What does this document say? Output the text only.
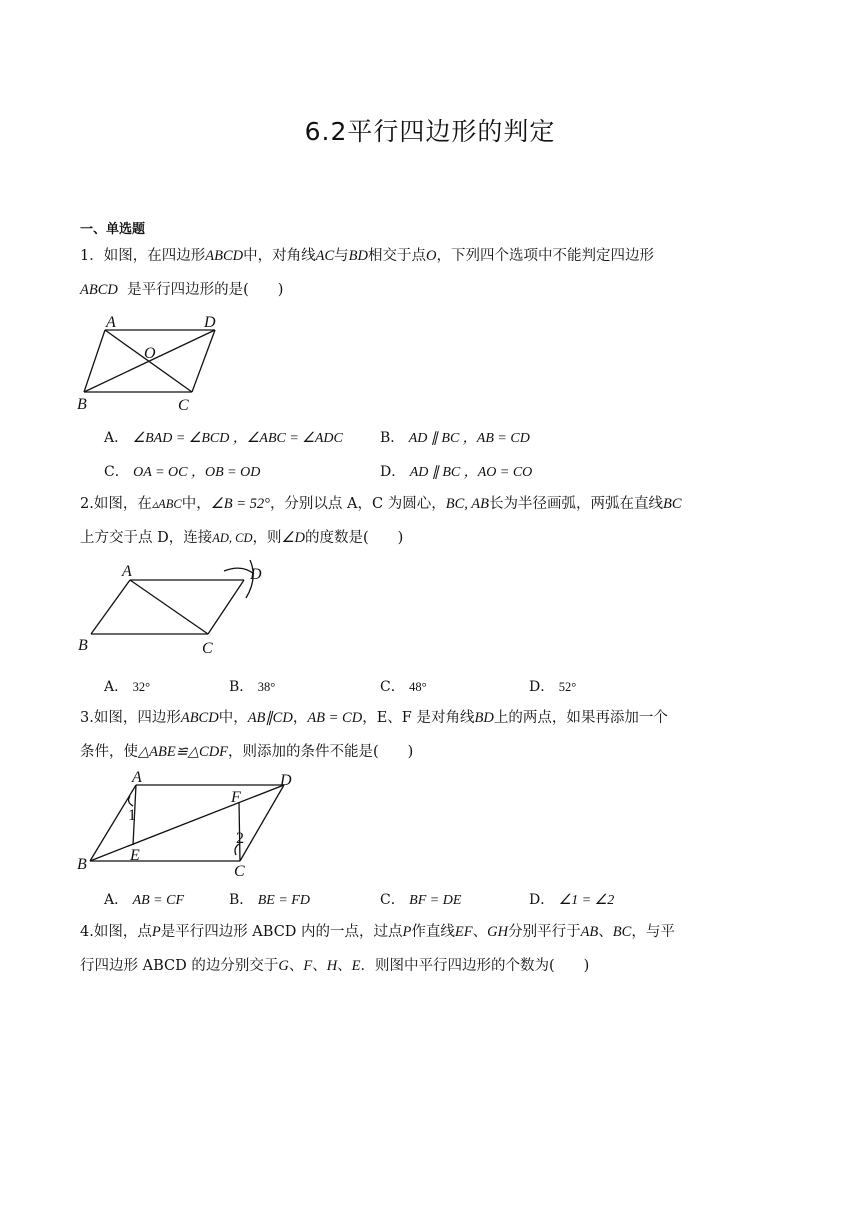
6.2平行四边形的判定
一、单选题
1．如图，在四边形ABCD中，对角线AC与BD相交于点O，下列四个选项中不能判定四边形
ABCD 是平行四边形的是(　　)
A	D
O
B	C
A． ∠BAD = ∠BCD ，∠ABC = ∠ADC	B． AD ∥ BC ，AB = CD
C． OA = OC ，OB = OD	D． AD ∥ BC ，AO = CO
2.如图，在▵ABC中，∠B = 52°，分别以点 A，C 为圆心，BC, AB长为半径画弧，两弧在直线BC
上方交于点 D，连接AD, CD，则∠D的度数是(　　)
A	D
B	C
A． 32°	B． 38°	C． 48°	D． 52°
3.如图，四边形ABCD中，AB∥CD，AB = CD，E、F 是对角线BD上的两点，如果再添加一个
条件，使△ABE≌△CDF，则添加的条件不能是(　　)
A	D
F
1
2
E
B	C
A． AB = CF	B． BE = FD	C． BF = DE	D． ∠1 = ∠2
4.如图，点P是平行四边形 ABCD 内的一点，过点P作直线EF、GH分别平行于AB、BC，与平
行四边形 ABCD 的边分别交于G、F、H、E．则图中平行四边形的个数为(　　)
